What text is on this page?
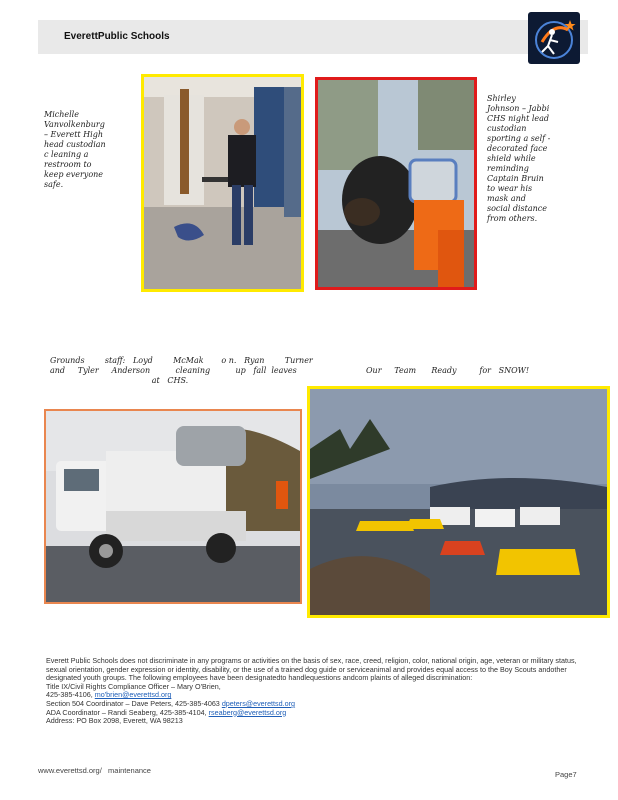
EverettPublic Schools
Michelle
Vanvolkenburg
– Everett High
head custodian
c leaning a
restroom to
keep everyone
safe.
Shirley
Johnson – Jabbi
CHS night lead
custodian
sporting a self -
decorated face
shield while
reminding
Captain Bruin
to wear his
mask and
social distance
from others.
Grounds        staff:   Loyd        McMak       o n.   Ryan        Turner
and     Tyler     Anderson          cleaning          up   fall  leaves
at   CHS.
Our     Team      Ready         for   SNOW!
Everett Public Schools does not discriminate in any programs or activities on the basis of sex, race, creed, religion, color, national origin, age, veteran or military status, sexual orientation, gender expression or identity, disability, or the use of a trained dog guide or serviceanimal and provides equal access to the Boy Scouts andother designated youth groups. The following employees have been designatedto handlequestions andcom plaints of alleged discrimination:
Title IX/Civil Rights Compliance Officer – Mary O'Brien,
425-385-4106, mo'brien@everettsd.org
Section 504 Coordinator – Dave Peters, 425-385-4063 dpeters@everettsd.org
ADA Coordinator – Randi Seaberg, 425-385-4104, rseaberg@everettsd.org
Address: PO Box 2098, Everett, WA 98213
www.everettsd.org/   maintenance	Page7
